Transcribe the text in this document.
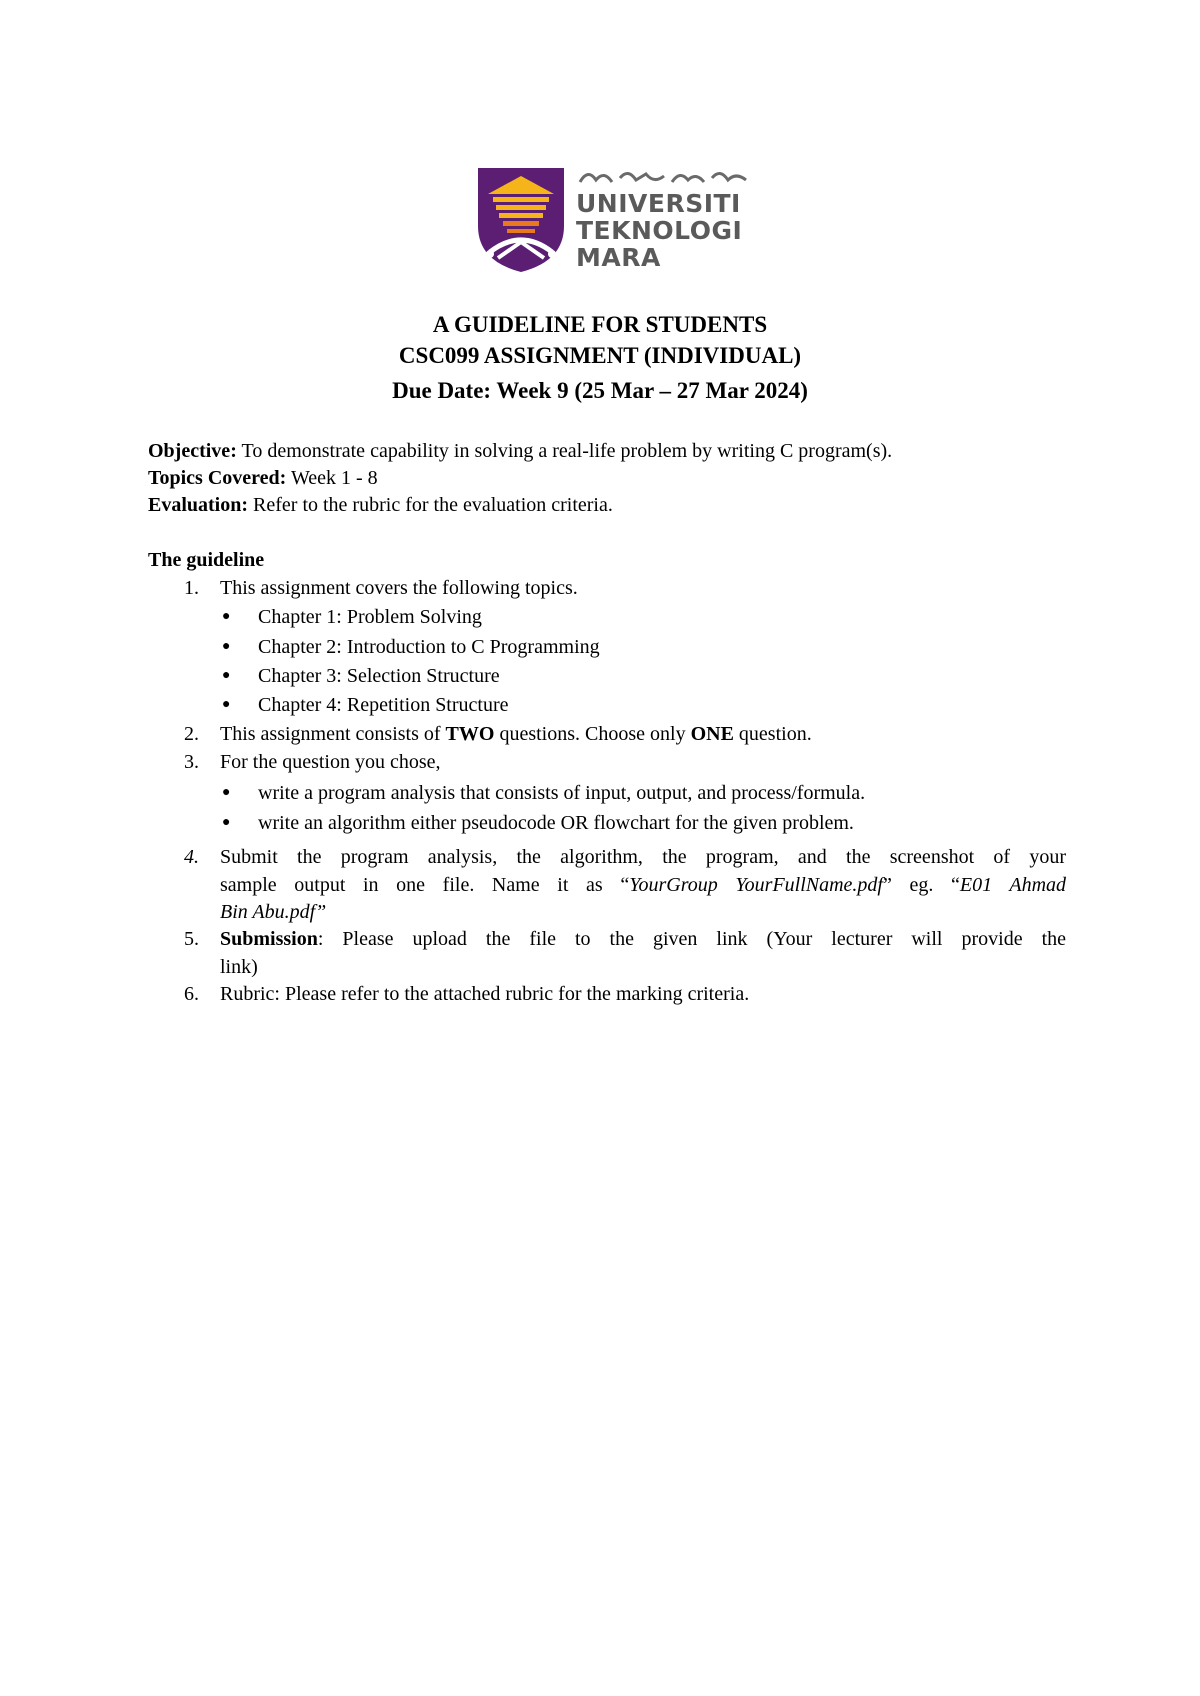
UNIVERSITI
TEKNOLOGI
MARA
A GUIDELINE FOR STUDENTS
CSC099 ASSIGNMENT (INDIVIDUAL)
Due Date: Week 9 (25 Mar – 27 Mar 2024)
Objective: To demonstrate capability in solving a real-life problem by writing C program(s).
Topics Covered: Week 1 - 8
Evaluation: Refer to the rubric for the evaluation criteria.
The guideline
1. This assignment covers the following topics.
● Chapter 1: Problem Solving
● Chapter 2: Introduction to C Programming
● Chapter 3: Selection Structure
● Chapter 4: Repetition Structure
2. This assignment consists of TWO questions. Choose only ONE question.
3. For the question you chose,
● write a program analysis that consists of input, output, and process/formula.
● write an algorithm either pseudocode OR flowchart for the given problem.
4. Submit the program analysis, the algorithm, the program, and the screenshot of your
sample output in one file. Name it as “YourGroup YourFullName.pdf” eg. “E01 Ahmad
Bin Abu.pdf”
5. Submission: Please upload the file to the given link (Your lecturer will provide the
link)
6. Rubric: Please refer to the attached rubric for the marking criteria.
